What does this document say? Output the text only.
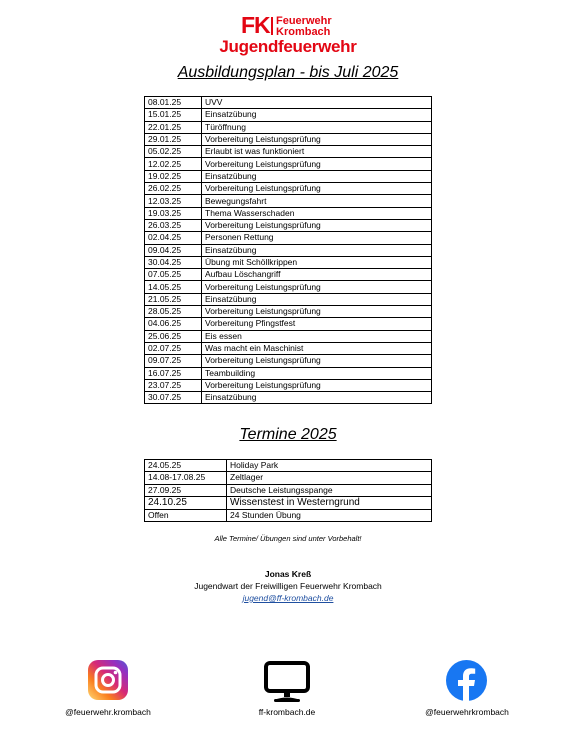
FK Feuerwehr
Krombach
Jugendfeuerwehr
Ausbildungsplan - bis Juli 2025
08.01.25	UVV
15.01.25	Einsatzübung
22.01.25	Türöffnung
29.01.25	Vorbereitung Leistungsprüfung
05.02.25	Erlaubt ist was funktioniert
12.02.25	Vorbereitung Leistungsprüfung
19.02.25	Einsatzübung
26.02.25	Vorbereitung Leistungsprüfung
12.03.25	Bewegungsfahrt
19.03.25	Thema Wasserschaden
26.03.25	Vorbereitung Leistungsprüfung
02.04.25	Personen Rettung
09.04.25	Einsatzübung
30.04.25	Übung mit Schöllkrippen
07.05.25	Aufbau Löschangriff
14.05.25	Vorbereitung Leistungsprüfung
21.05.25	Einsatzübung
28.05.25	Vorbereitung Leistungsprüfung
04.06.25	Vorbereitung Pfingstfest
25.06.25	Eis essen
02.07.25	Was macht ein Maschinist
09.07.25	Vorbereitung Leistungsprüfung
16.07.25	Teambuilding
23.07.25	Vorbereitung Leistungsprüfung
30.07.25	Einsatzübung
Termine 2025
24.05.25	Holiday Park
14.08-17.08.25	Zeltlager
27.09.25	Deutsche Leistungsspange
24.10.25	Wissenstest in Westerngrund
Offen	24 Stunden Übung
Alle Termine/ Übungen sind unter Vorbehalt!
Jonas Kreß
Jugendwart der Freiwilligen Feuerwehr Krombach
jugend@ff-krombach.de
@feuerwehr.krombach	ff-krombach.de	@feuerwehrkrombach
